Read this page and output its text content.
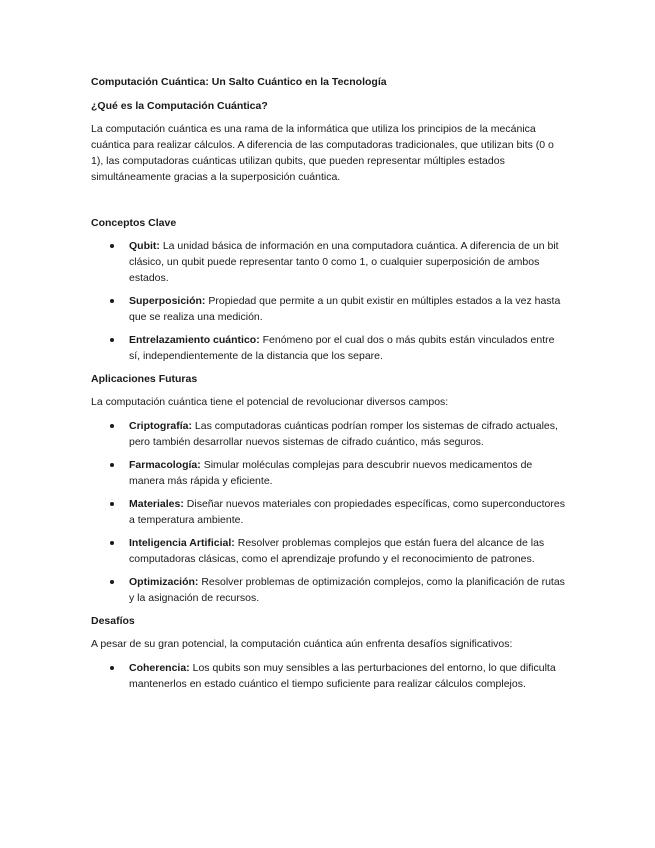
Computación Cuántica: Un Salto Cuántico en la Tecnología
¿Qué es la Computación Cuántica?

La computación cuántica es una rama de la informática que utiliza los principios de la mecánica cuántica para realizar cálculos. A diferencia de las computadoras tradicionales, que utilizan bits (0 o 1), las computadoras cuánticas utilizan qubits, que pueden representar múltiples estados simultáneamente gracias a la superposición cuántica.

Conceptos Clave
Qubit: La unidad básica de información en una computadora cuántica. A diferencia de un bit clásico, un qubit puede representar tanto 0 como 1, o cualquier superposición de ambos estados.
Superposición: Propiedad que permite a un qubit existir en múltiples estados a la vez hasta que se realiza una medición.
Entrelazamiento cuántico: Fenómeno por el cual dos o más qubits están vinculados entre sí, independientemente de la distancia que los separe.
Aplicaciones Futuras

La computación cuántica tiene el potencial de revolucionar diversos campos:

Criptografía: Las computadoras cuánticas podrían romper los sistemas de cifrado actuales, pero también desarrollar nuevos sistemas de cifrado cuántico, más seguros.
Farmacología: Simular moléculas complejas para descubrir nuevos medicamentos de manera más rápida y eficiente.
Materiales: Diseñar nuevos materiales con propiedades específicas, como superconductores a temperatura ambiente.
Inteligencia Artificial: Resolver problemas complejos que están fuera del alcance de las computadoras clásicas, como el aprendizaje profundo y el reconocimiento de patrones.
Optimización: Resolver problemas de optimización complejos, como la planificación de rutas y la asignación de recursos.
Desafíos

A pesar de su gran potencial, la computación cuántica aún enfrenta desafíos significativos:

Coherencia: Los qubits son muy sensibles a las perturbaciones del entorno, lo que dificulta mantenerlos en estado cuántico el tiempo suficiente para realizar cálculos complejos.
